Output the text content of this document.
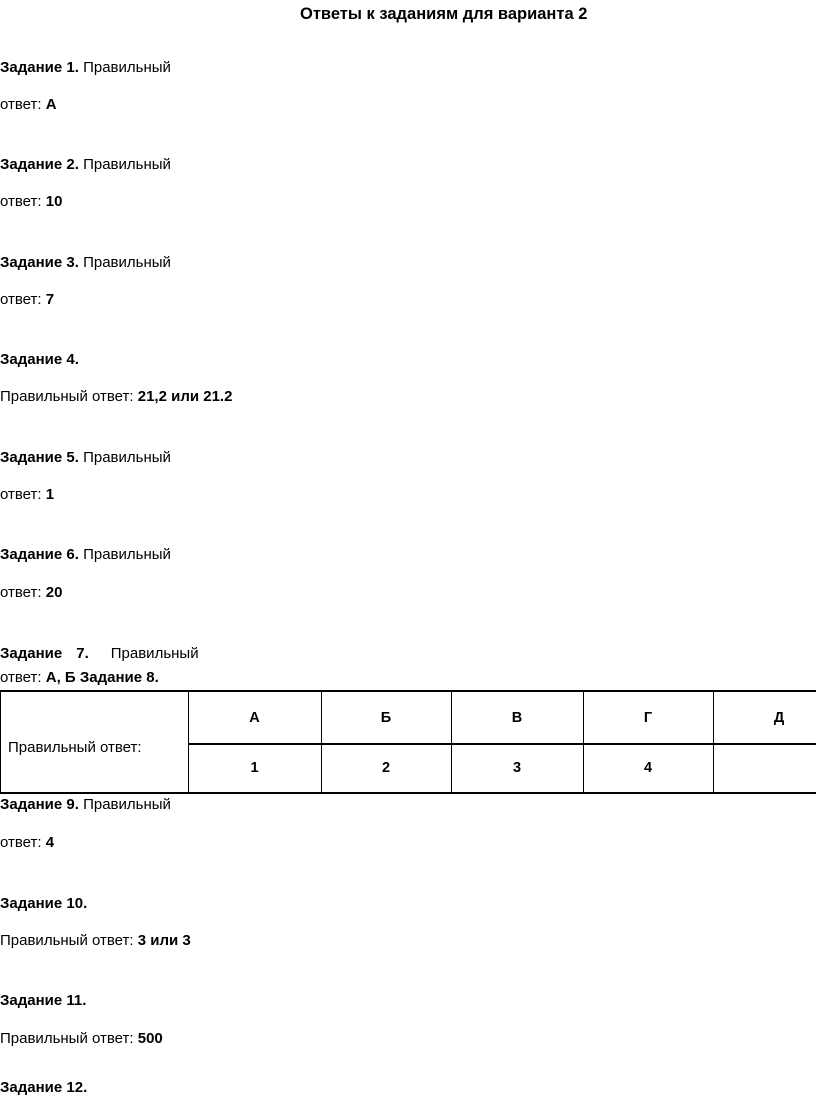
Ответы к заданиям для варианта 2
Задание 1. Правильный
ответ: А
Задание 2. Правильный
ответ: 10
Задание 3. Правильный
ответ: 7
Задание 4.
Правильный ответ: 21,2 или 21.2
Задание 5. Правильный
ответ: 1
Задание 6. Правильный
ответ: 20
Задание 7. Правильный
ответ: А, Б Задание 8.
Правильный ответ:
А	Б	В	Г	Д
1	2	3	4
Задание 9. Правильный
ответ: 4
Задание 10.
Правильный ответ: 3 или 3
Задание 11.
Правильный ответ: 500
Задание 12.
